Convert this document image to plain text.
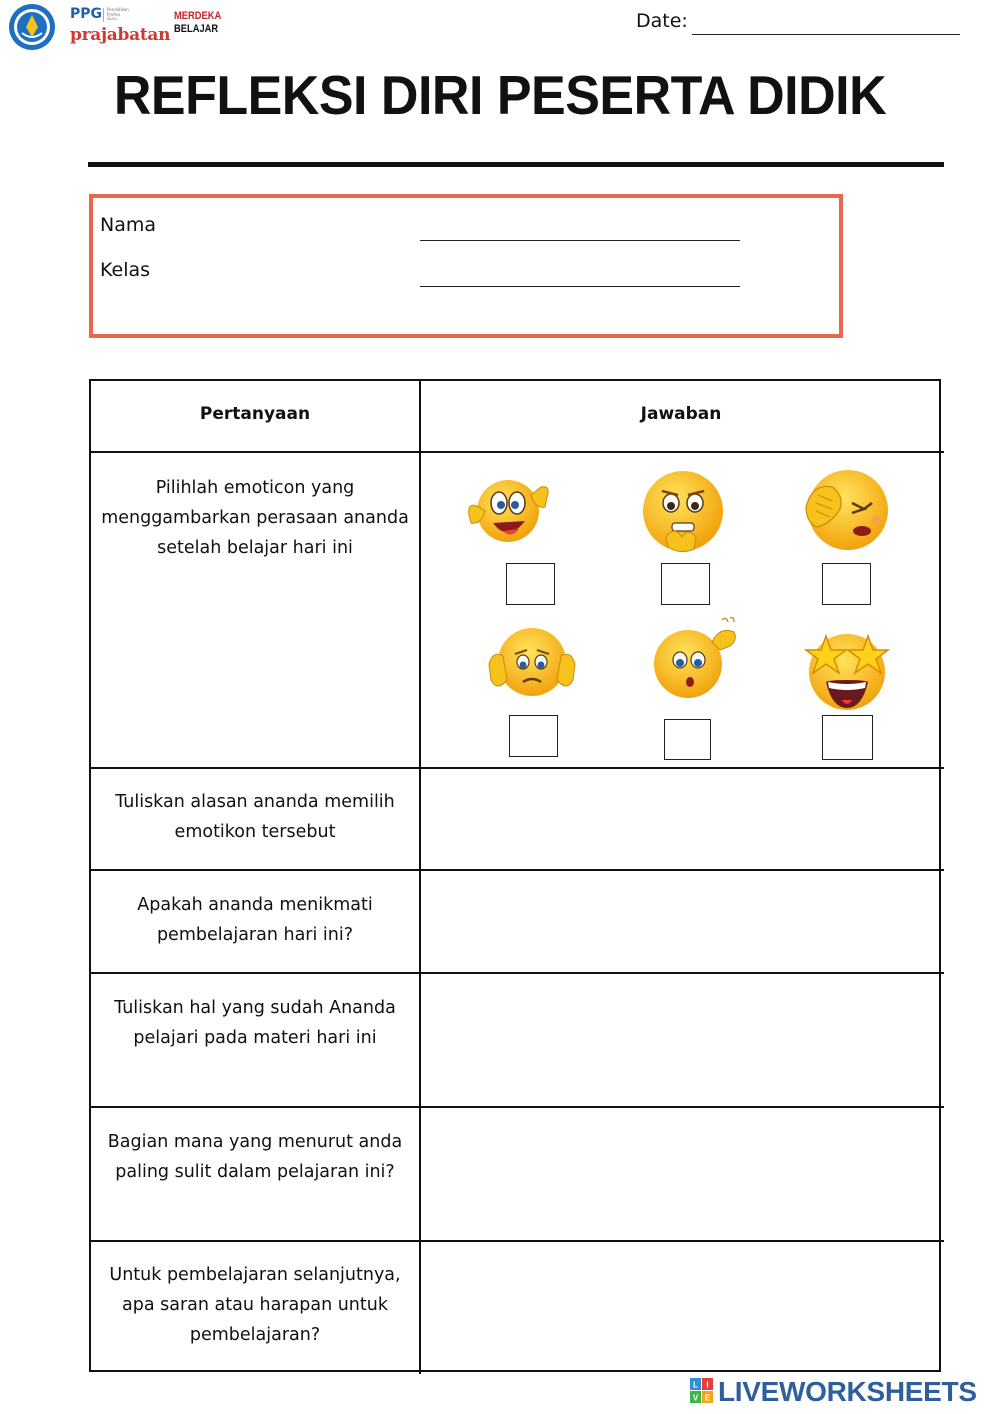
PPG	Pendidikan
Profesi
Guru
prajabatan
MERDEKA
BELAJAR	Date:
REFLEKSI DIRI PESERTA DIDIK
Nama
Kelas
Pertanyaan	Jawaban
Pilihlah emoticon yang menggambarkan perasaan ananda setelah belajar hari ini
Tuliskan alasan ananda memilih emotikon tersebut
Apakah ananda menikmati pembelajaran hari ini?
Tuliskan hal yang sudah Ananda pelajari pada materi hari ini
Bagian mana yang menurut anda paling sulit dalam pelajaran ini?
Untuk pembelajaran selanjutnya, apa saran atau harapan untuk pembelajaran?
L I
V E LIVEWORKSHEETS
